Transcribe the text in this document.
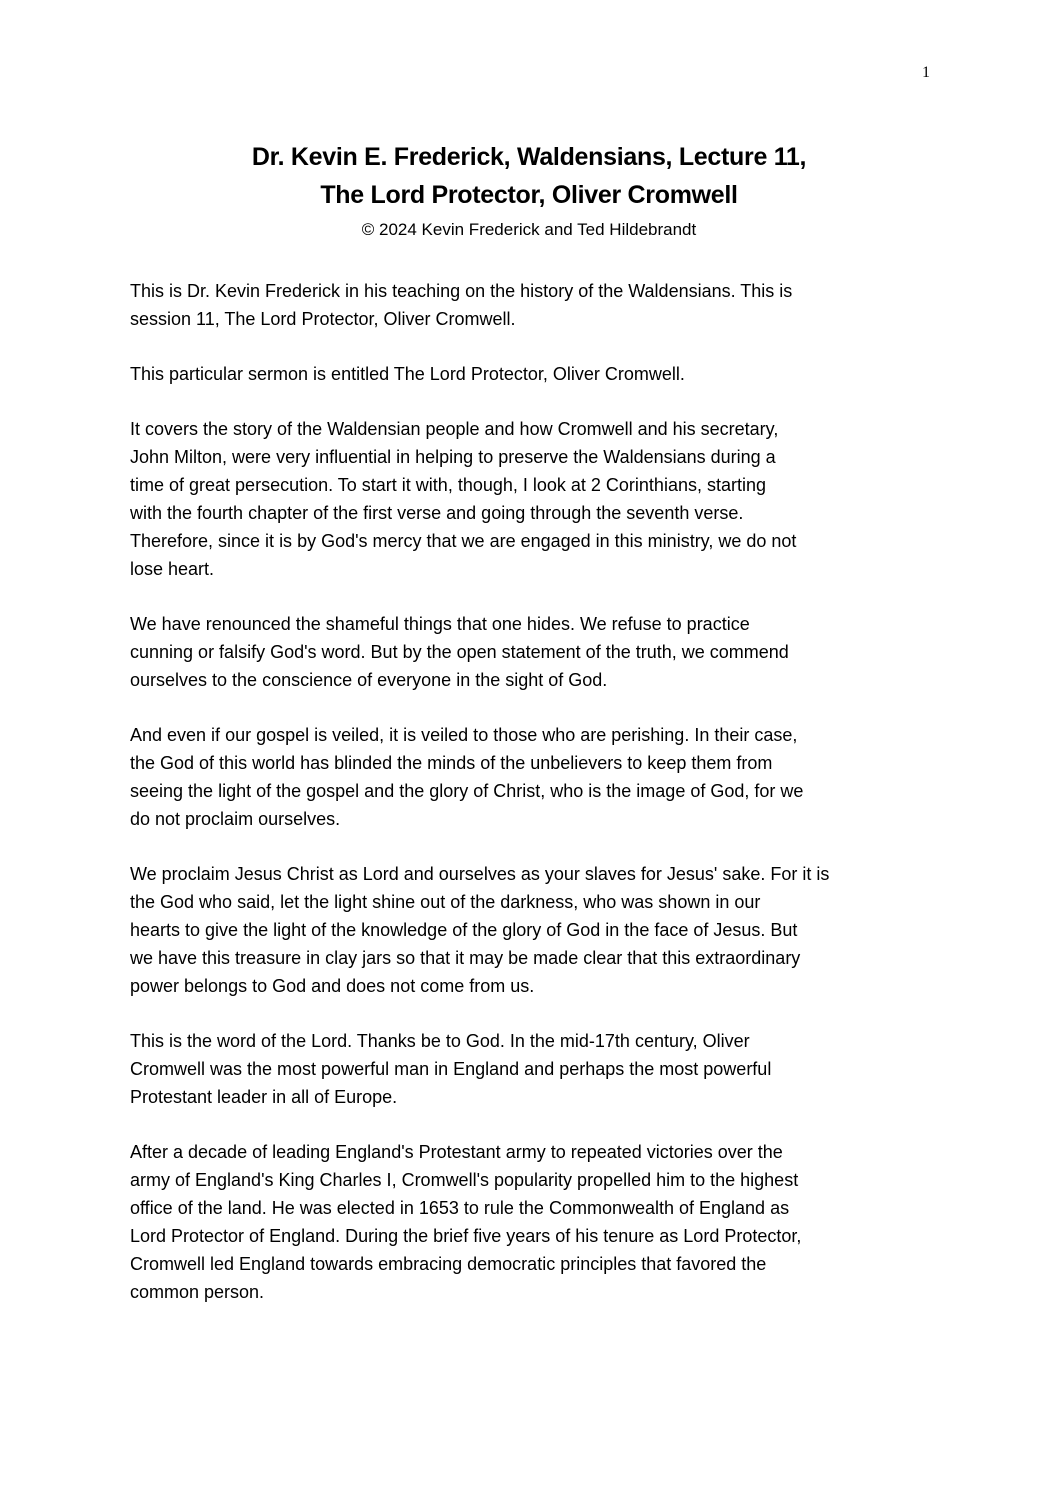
1
Dr. Kevin E. Frederick, Waldensians, Lecture 11,
The Lord Protector, Oliver Cromwell
© 2024 Kevin Frederick and Ted Hildebrandt

This is Dr. Kevin Frederick in his teaching on the history of the Waldensians. This is
session 11, The Lord Protector, Oliver Cromwell.

This particular sermon is entitled The Lord Protector, Oliver Cromwell.

It covers the story of the Waldensian people and how Cromwell and his secretary,
John Milton, were very influential in helping to preserve the Waldensians during a
time of great persecution. To start it with, though, I look at 2 Corinthians, starting
with the fourth chapter of the first verse and going through the seventh verse.
Therefore, since it is by God's mercy that we are engaged in this ministry, we do not
lose heart.

We have renounced the shameful things that one hides. We refuse to practice
cunning or falsify God's word. But by the open statement of the truth, we commend
ourselves to the conscience of everyone in the sight of God.

And even if our gospel is veiled, it is veiled to those who are perishing. In their case,
the God of this world has blinded the minds of the unbelievers to keep them from
seeing the light of the gospel and the glory of Christ, who is the image of God, for we
do not proclaim ourselves.

We proclaim Jesus Christ as Lord and ourselves as your slaves for Jesus' sake. For it is
the God who said, let the light shine out of the darkness, who was shown in our
hearts to give the light of the knowledge of the glory of God in the face of Jesus. But
we have this treasure in clay jars so that it may be made clear that this extraordinary
power belongs to God and does not come from us.

This is the word of the Lord. Thanks be to God. In the mid-17th century, Oliver
Cromwell was the most powerful man in England and perhaps the most powerful
Protestant leader in all of Europe.

After a decade of leading England's Protestant army to repeated victories over the
army of England's King Charles I, Cromwell's popularity propelled him to the highest
office of the land. He was elected in 1653 to rule the Commonwealth of England as
Lord Protector of England. During the brief five years of his tenure as Lord Protector,
Cromwell led England towards embracing democratic principles that favored the
common person.
